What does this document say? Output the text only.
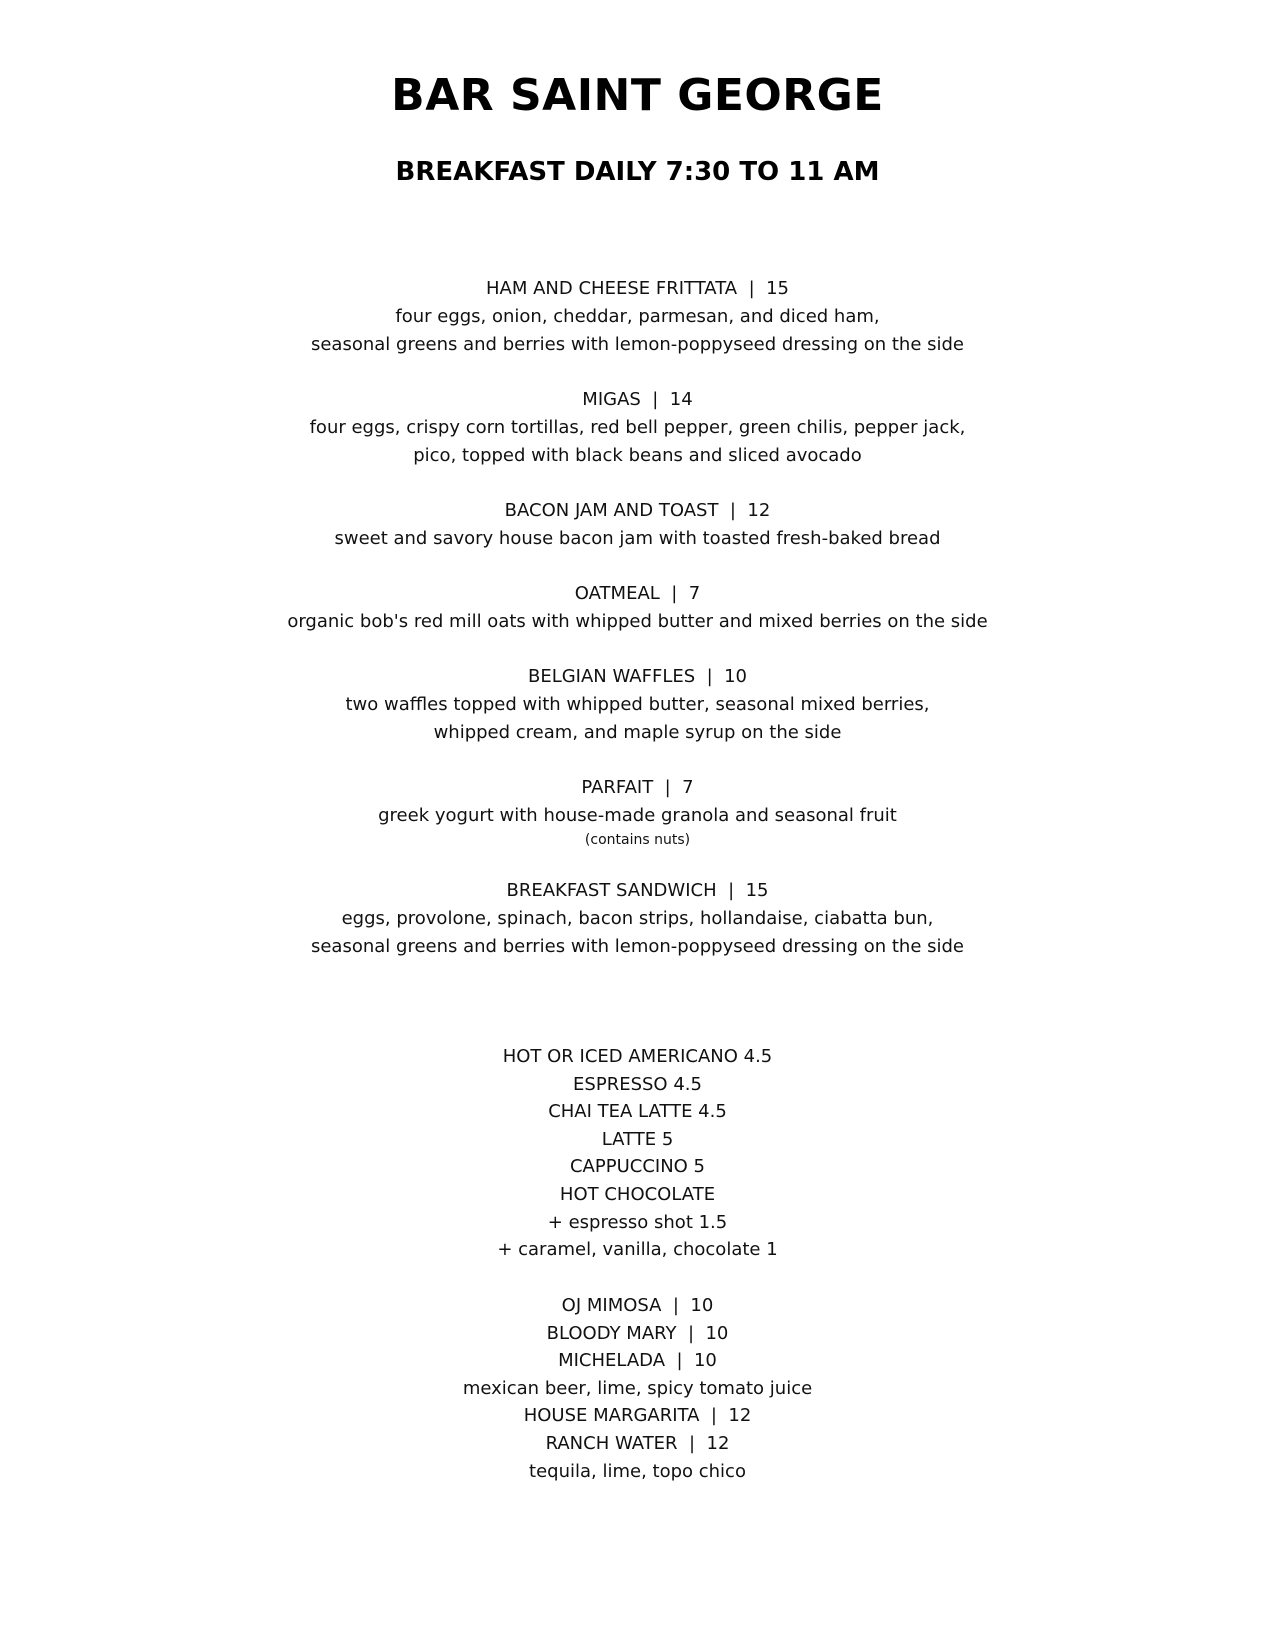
BAR SAINT GEORGE
BREAKFAST DAILY 7:30 TO 11 AM
HAM AND CHEESE FRITTATA  |  15
four eggs, onion, cheddar, parmesan, and diced ham,
seasonal greens and berries with lemon-poppyseed dressing on the side
MIGAS  |  14
four eggs, crispy corn tortillas, red bell pepper, green chilis, pepper jack,
pico, topped with black beans and sliced avocado
BACON JAM AND TOAST  |  12
sweet and savory house bacon jam with toasted fresh-baked bread
OATMEAL  |  7
organic bob's red mill oats with whipped butter and mixed berries on the side
BELGIAN WAFFLES  |  10
two waffles topped with whipped butter, seasonal mixed berries,
whipped cream, and maple syrup on the side
PARFAIT  |  7
greek yogurt with house-made granola and seasonal fruit
(contains nuts)
BREAKFAST SANDWICH  |  15
eggs, provolone, spinach, bacon strips, hollandaise, ciabatta bun,
seasonal greens and berries with lemon-poppyseed dressing on the side
HOT OR ICED AMERICANO 4.5
ESPRESSO 4.5
CHAI TEA LATTE 4.5
LATTE 5
CAPPUCCINO 5
HOT CHOCOLATE
+ espresso shot 1.5
+ caramel, vanilla, chocolate 1
OJ MIMOSA  |  10
BLOODY MARY  |  10
MICHELADA  |  10
mexican beer, lime, spicy tomato juice
HOUSE MARGARITA  |  12
RANCH WATER  |  12
tequila, lime, topo chico
